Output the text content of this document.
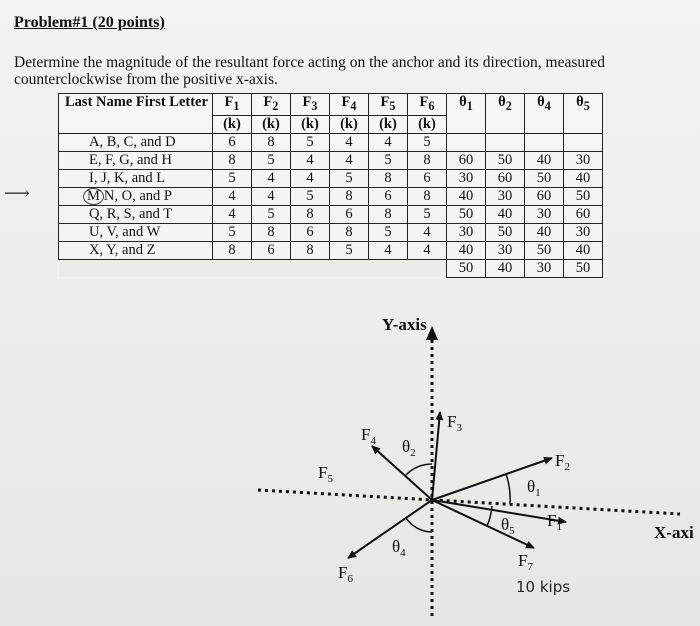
Problem#1 (20 points)
Determine the magnitude of the resultant force acting on the anchor and its direction, measured counterclockwise from the positive x-axis.
⟶
Last Name First Letter	$F_1$	$F_2$	$F_3$	$F_4$	$F_5$	$F_6$	$\theta_1$	$\theta_2$	$\theta_4$	$\theta_5$
	(k)	(k)	(k)	(k)	(k)	(k)				
A, B, C, and D	6	8	5	4	4	5				
E, F, G, and H	8	5	4	4	5	8	60	50	40	30
I, J, K, and L	5	4	4	5	8	6	30	60	50	40
M N, O, and P	4	4	5	8	6	8	40	30	60	50
Q, R, S, and T	4	5	8	6	8	5	50	40	30	60
U, V, and W	5	8	6	8	5	4	30	50	40	30
X, Y, and Z	8	6	8	5	4	4	40	30	50	40
							50	40	30	50
Y-axis
X-axi
$F_3$
$F_4$
$F_2$
$F_1$
$F_5$
$F_6$
$F_7$
$\theta_2$
$\theta_1$
$\theta_5$
$\theta_4$
10 kips
